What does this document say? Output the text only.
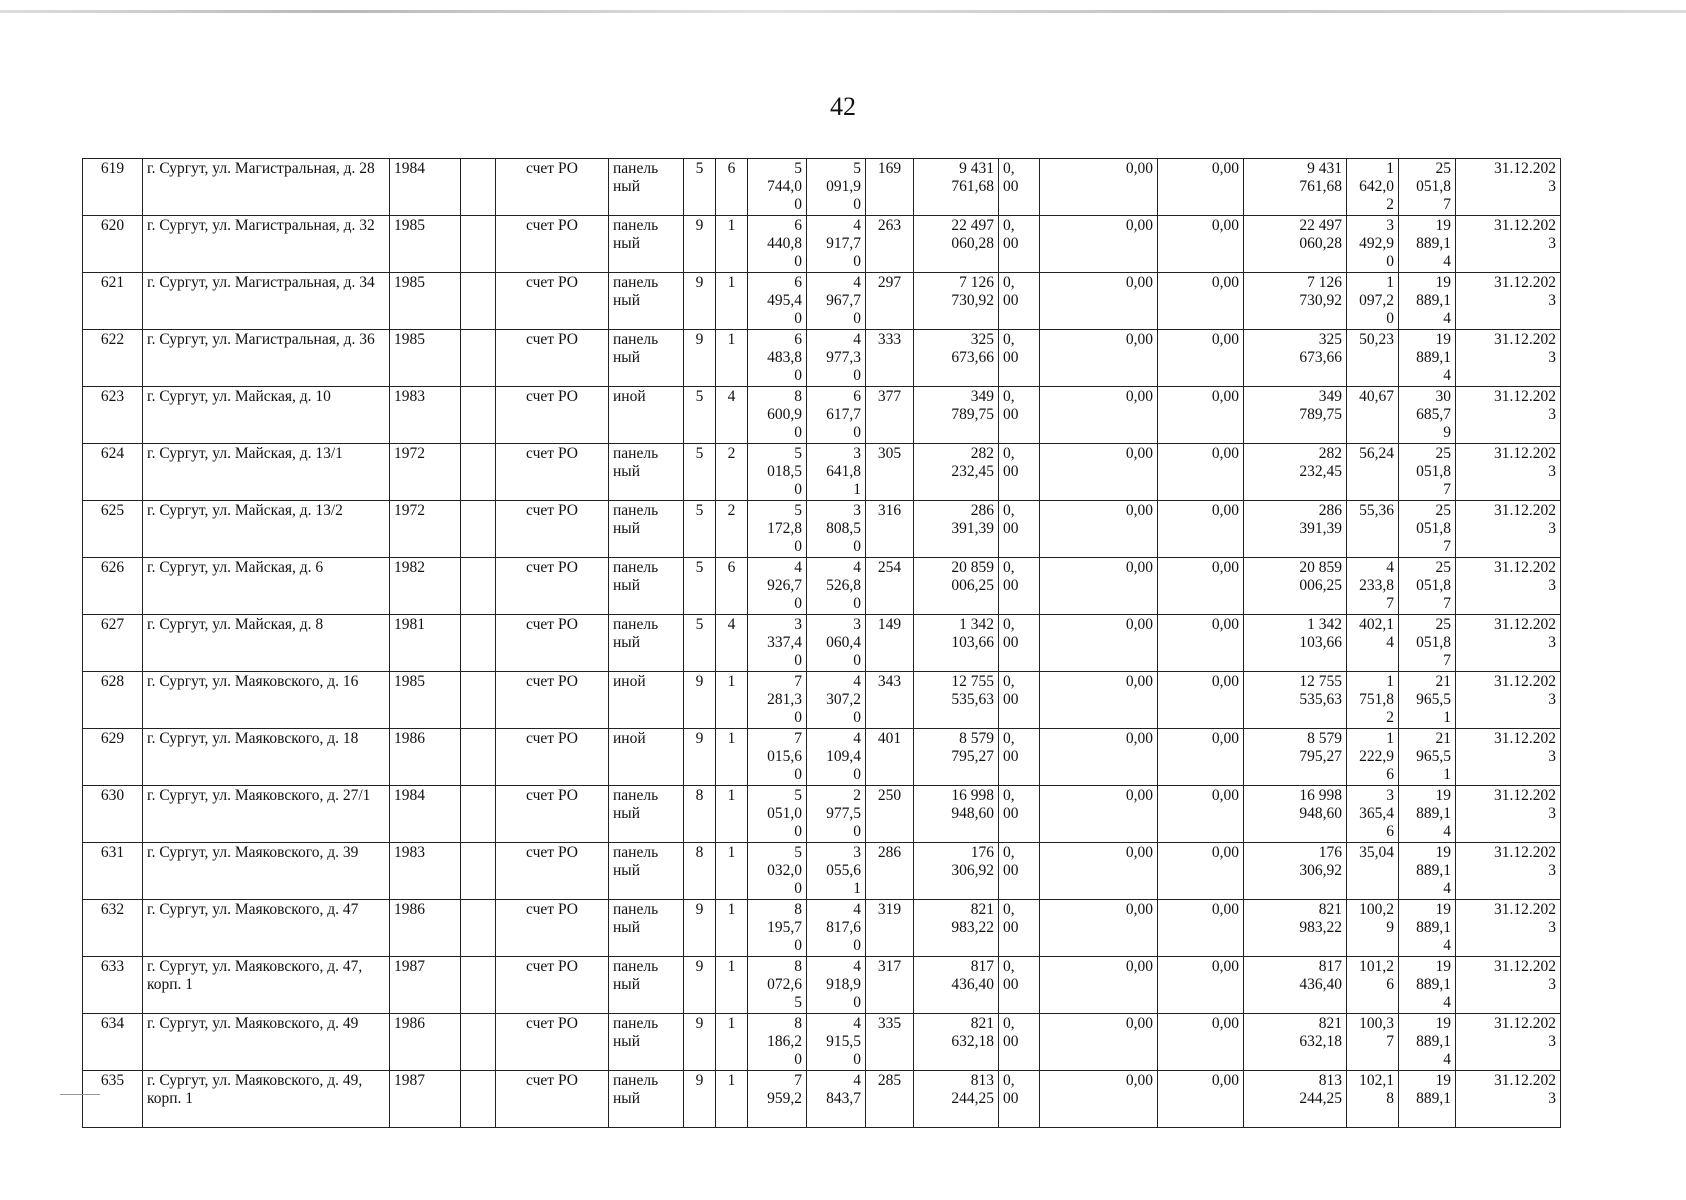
42
619	г. Сургут, ул. Магистральная, д. 28	1984		счет РО	панель
ный	5	6	5
744,0
0	5
091,9
0	169	9 431
761,68	0,
00	0,00	0,00	9 431
761,68	1
642,0
2	25
051,8
7	31.12.202
3
620	г. Сургут, ул. Магистральная, д. 32	1985		счет РО	панель
ный	9	1	6
440,8
0	4
917,7
0	263	22 497
060,28	0,
00	0,00	0,00	22 497
060,28	3
492,9
0	19
889,1
4	31.12.202
3
621	г. Сургут, ул. Магистральная, д. 34	1985		счет РО	панель
ный	9	1	6
495,4
0	4
967,7
0	297	7 126
730,92	0,
00	0,00	0,00	7 126
730,92	1
097,2
0	19
889,1
4	31.12.202
3
622	г. Сургут, ул. Магистральная, д. 36	1985		счет РО	панель
ный	9	1	6
483,8
0	4
977,3
0	333	325
673,66	0,
00	0,00	0,00	325
673,66	50,23	19
889,1
4	31.12.202
3
623	г. Сургут, ул. Майская, д. 10	1983		счет РО	иной	5	4	8
600,9
0	6
617,7
0	377	349
789,75	0,
00	0,00	0,00	349
789,75	40,67	30
685,7
9	31.12.202
3
624	г. Сургут, ул. Майская, д. 13/1	1972		счет РО	панель
ный	5	2	5
018,5
0	3
641,8
1	305	282
232,45	0,
00	0,00	0,00	282
232,45	56,24	25
051,8
7	31.12.202
3
625	г. Сургут, ул. Майская, д. 13/2	1972		счет РО	панель
ный	5	2	5
172,8
0	3
808,5
0	316	286
391,39	0,
00	0,00	0,00	286
391,39	55,36	25
051,8
7	31.12.202
3
626	г. Сургут, ул. Майская, д. 6	1982		счет РО	панель
ный	5	6	4
926,7
0	4
526,8
0	254	20 859
006,25	0,
00	0,00	0,00	20 859
006,25	4
233,8
7	25
051,8
7	31.12.202
3
627	г. Сургут, ул. Майская, д. 8	1981		счет РО	панель
ный	5	4	3
337,4
0	3
060,4
0	149	1 342
103,66	0,
00	0,00	0,00	1 342
103,66	402,1
4	25
051,8
7	31.12.202
3
628	г. Сургут, ул. Маяковского, д. 16	1985		счет РО	иной	9	1	7
281,3
0	4
307,2
0	343	12 755
535,63	0,
00	0,00	0,00	12 755
535,63	1
751,8
2	21
965,5
1	31.12.202
3
629	г. Сургут, ул. Маяковского, д. 18	1986		счет РО	иной	9	1	7
015,6
0	4
109,4
0	401	8 579
795,27	0,
00	0,00	0,00	8 579
795,27	1
222,9
6	21
965,5
1	31.12.202
3
630	г. Сургут, ул. Маяковского, д. 27/1	1984		счет РО	панель
ный	8	1	5
051,0
0	2
977,5
0	250	16 998
948,60	0,
00	0,00	0,00	16 998
948,60	3
365,4
6	19
889,1
4	31.12.202
3
631	г. Сургут, ул. Маяковского, д. 39	1983		счет РО	панель
ный	8	1	5
032,0
0	3
055,6
1	286	176
306,92	0,
00	0,00	0,00	176
306,92	35,04	19
889,1
4	31.12.202
3
632	г. Сургут, ул. Маяковского, д. 47	1986		счет РО	панель
ный	9	1	8
195,7
0	4
817,6
0	319	821
983,22	0,
00	0,00	0,00	821
983,22	100,2
9	19
889,1
4	31.12.202
3
633	г. Сургут, ул. Маяковского, д. 47, корп. 1	1987		счет РО	панель
ный	9	1	8
072,6
5	4
918,9
0	317	817
436,40	0,
00	0,00	0,00	817
436,40	101,2
6	19
889,1
4	31.12.202
3
634	г. Сургут, ул. Маяковского, д. 49	1986		счет РО	панель
ный	9	1	8
186,2
0	4
915,5
0	335	821
632,18	0,
00	0,00	0,00	821
632,18	100,3
7	19
889,1
4	31.12.202
3
635	г. Сургут, ул. Маяковского, д. 49, корп. 1	1987		счет РО	панель
ный	9	1	7
959,2	4
843,7	285	813
244,25	0,
00	0,00	0,00	813
244,25	102,1
8	19
889,1	31.12.202
3
